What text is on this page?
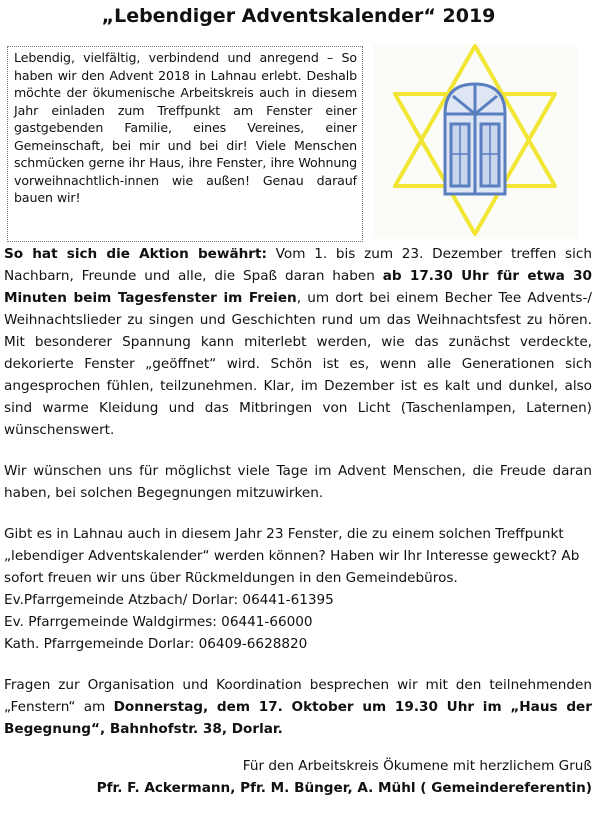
„Lebendiger Adventskalender“ 2019
Lebendig, vielfältig, verbindend und anregend – So haben wir den Advent 2018 in Lahnau erlebt. Deshalb möchte der ökumenische Arbeitskreis auch in diesem Jahr einladen zum Treffpunkt am Fenster einer gastgebenden Familie, eines Vereines, einer Gemeinschaft, bei mir und bei dir! Viele Menschen schmücken gerne ihr Haus, ihre Fenster, ihre Wohnung vorweihnachtlich-innen wie außen! Genau darauf bauen wir!

So hat sich die Aktion bewährt: Vom 1. bis zum 23. Dezember treffen sich Nachbarn, Freunde und alle, die Spaß daran haben ab 17.30 Uhr für etwa 30 Minuten beim Tagesfenster im Freien, um dort bei einem Becher Tee Advents-/ Weihnachtslieder zu singen und Geschichten rund um das Weihnachtsfest zu hören. Mit besonderer Spannung kann miterlebt werden, wie das zunächst verdeckte, dekorierte Fenster „geöffnet“ wird. Schön ist es, wenn alle Generationen sich angesprochen fühlen, teilzunehmen. Klar, im Dezember ist es kalt und dunkel, also sind warme Kleidung und das Mitbringen von Licht (Taschenlampen, Laternen) wünschenswert.

Wir wünschen uns für möglichst viele Tage im Advent Menschen, die Freude daran haben, bei solchen Begegnungen mitzuwirken.

Gibt es in Lahnau auch in diesem Jahr 23 Fenster, die zu einem solchen Treffpunkt „lebendiger Adventskalender“ werden können? Haben wir Ihr Interesse geweckt? Ab sofort freuen wir uns über Rückmeldungen in den Gemeindebüros.
Ev.Pfarrgemeinde Atzbach/ Dorlar: 06441-61395
Ev. Pfarrgemeinde Waldgirmes: 06441-66000
Kath. Pfarrgemeinde Dorlar: 06409-6628820

Fragen zur Organisation und Koordination besprechen wir mit den teilnehmenden „Fenstern“ am Donnerstag, dem 17. Oktober um 19.30 Uhr im „Haus der Begegnung“, Bahnhofstr. 38, Dorlar.

Für den Arbeitskreis Ökumene mit herzlichem Gruß
Pfr. F. Ackermann, Pfr. M. Bünger, A. Mühl ( Gemeindereferentin)
